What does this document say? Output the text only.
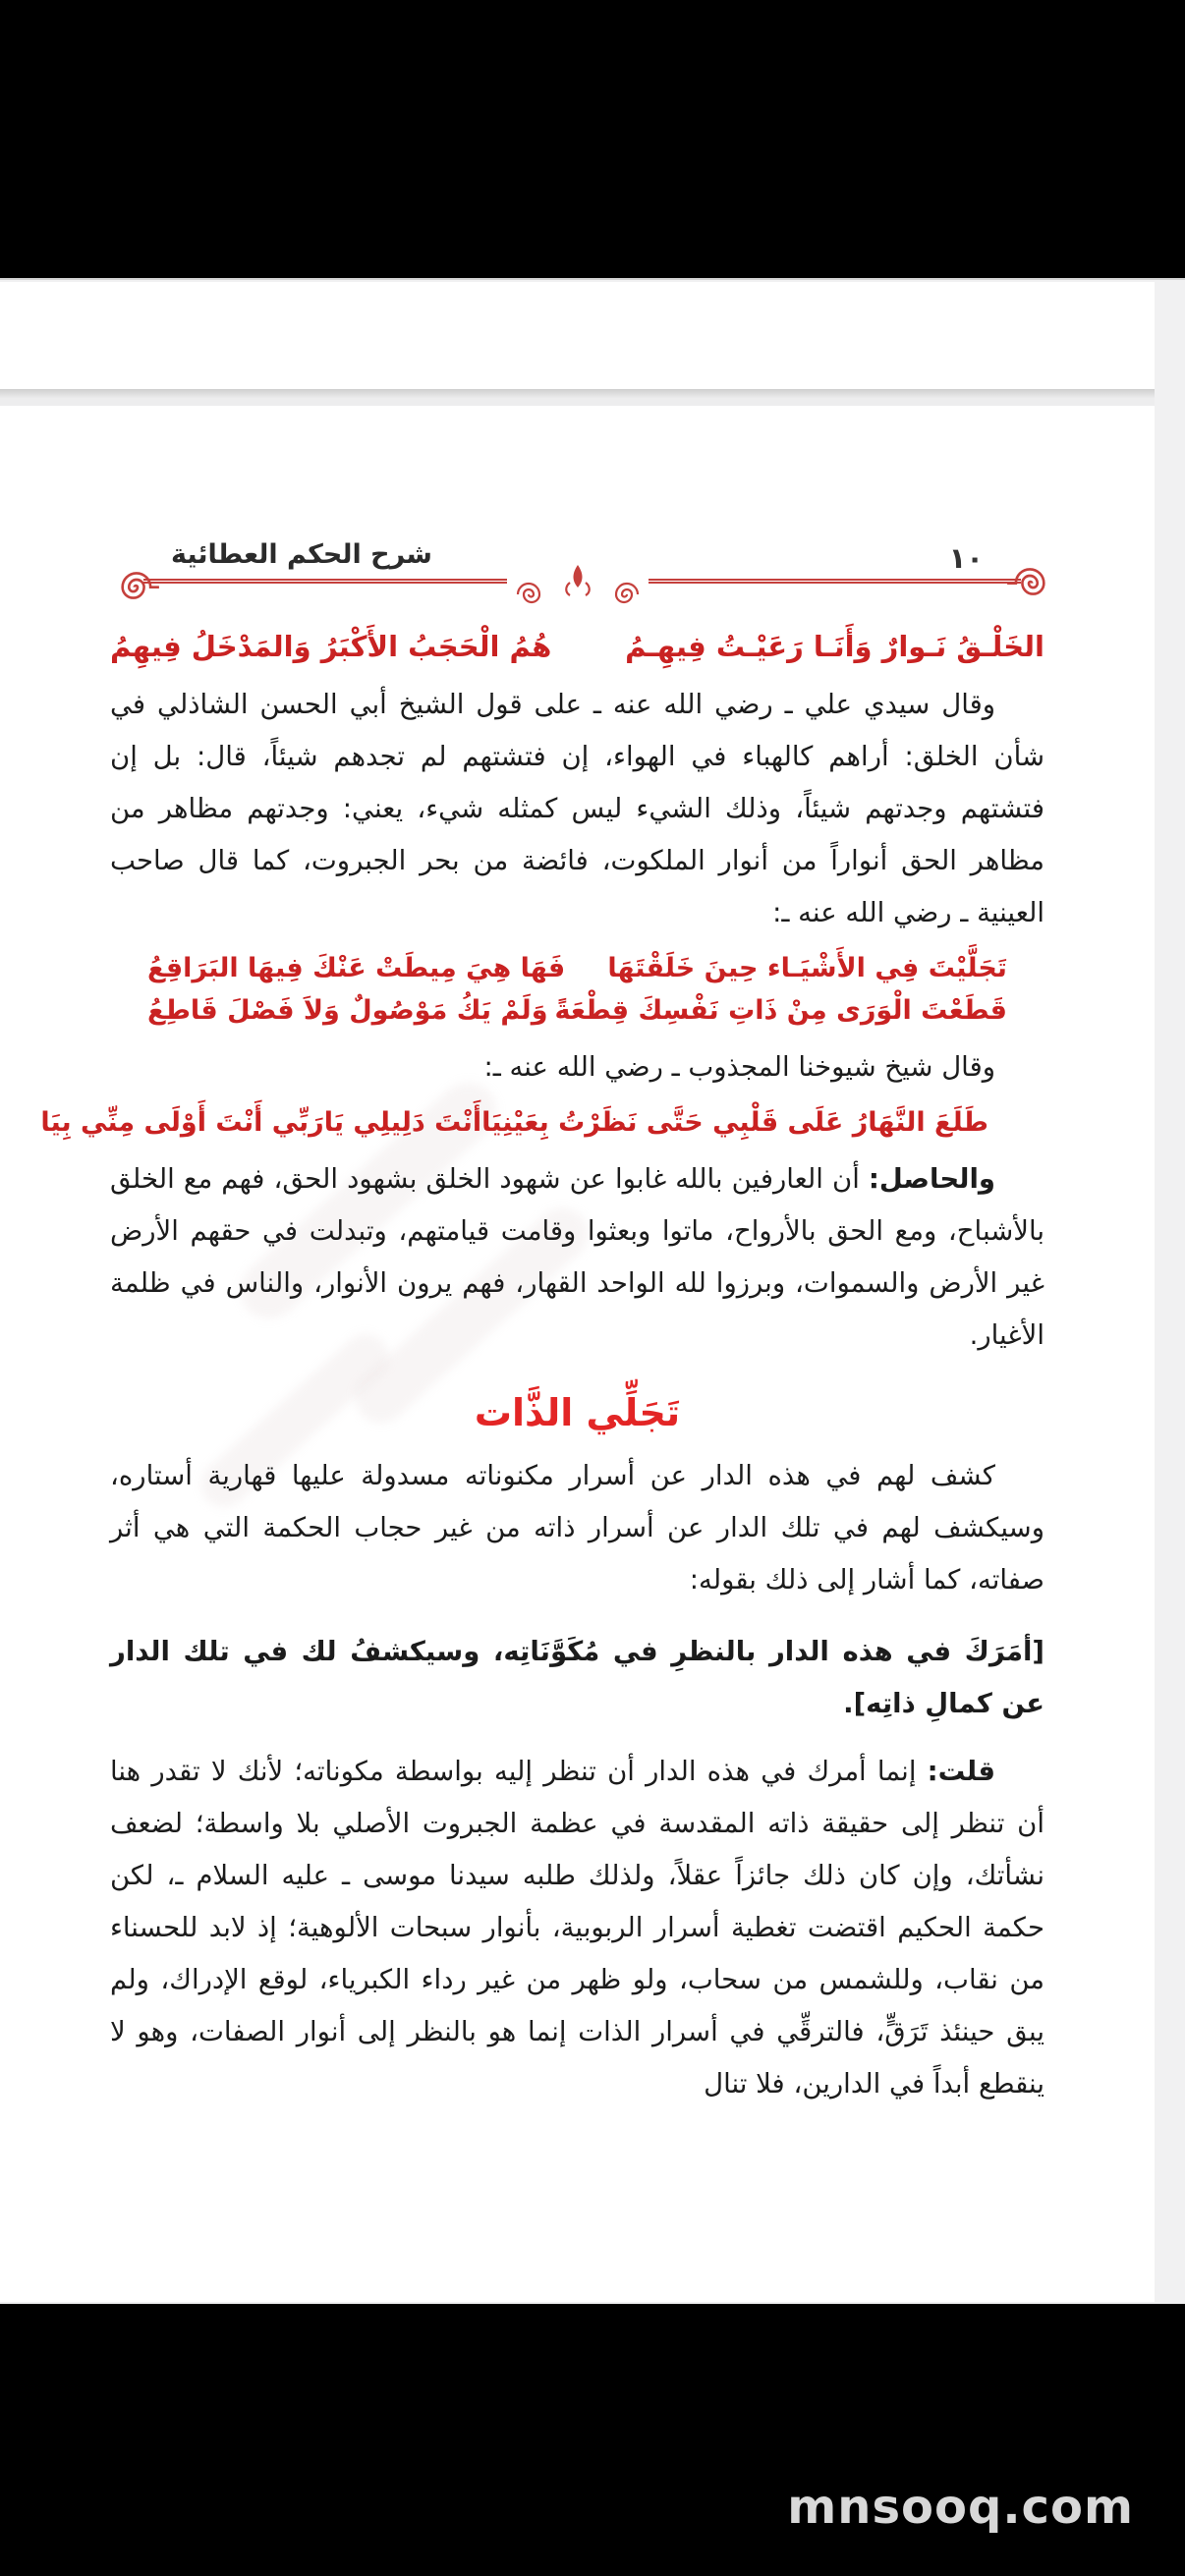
شرح الحكم العطائية	١٠
الخَلْـقُ نَـوارٌ وَأَنَـا رَعَيْـتُ فِيهِـمُ
هُمُ الْحَجَبُ الأَكْبَرُ وَالمَدْخَلُ فِيهِمُ

وقال سيدي علي ـ رضي الله عنه ـ على قول الشيخ أبي الحسن الشاذلي في شأن الخلق: أراهم كالهباء في الهواء، إن فتشتهم لم تجدهم شيئاً، قال: بل إن فتشتهم وجدتهم شيئاً، وذلك الشيء ليس كمثله شيء، يعني: وجدتهم مظاهر من مظاهر الحق أنواراً من أنوار الملكوت، فائضة من بحر الجبروت، كما قال صاحب العينية ـ رضي الله عنه ـ:

تَجَلَّيْتَ فِي الأَشْيَـاء حِينَ خَلَقْتَهَا
فَهَا هِيَ مِيطَتْ عَنْكَ فِيهَا البَرَاقِعُ
قَطَعْتَ الْوَرَى مِنْ ذَاتِ نَفْسِكَ قِطْعَةً
وَلَمْ يَكُ مَوْصُولٌ وَلاَ فَصْلَ قَاطِعُ

وقال شيخ شيوخنا المجذوب ـ رضي الله عنه ـ:

طَلَعَ النَّهَارُ عَلَى قَلْبِي حَتَّى نَظَرْتُ بِعَيْنِيَا
أَنْتَ دَلِيلِي يَارَبِّي أَنْتَ أَوْلَى مِنِّي بِيَا

والحاصل: أن العارفين بالله غابوا عن شهود الخلق بشهود الحق، فهم مع الخلق بالأشباح، ومع الحق بالأرواح، ماتوا وبعثوا وقامت قيامتهم، وتبدلت في حقهم الأرض غير الأرض والسموات، وبرزوا لله الواحد القهار، فهم يرون الأنوار، والناس في ظلمة الأغيار.

تَجَلِّي الذَّات

كشف لهم في هذه الدار عن أسرار مكنوناته مسدولة عليها قهارية أستاره، وسيكشف لهم في تلك الدار عن أسرار ذاته من غير حجاب الحكمة التي هي أثر صفاته، كما أشار إلى ذلك بقوله:

[أمَرَكَ في هذه الدار بالنظرِ في مُكَوَّنَاتِه، وسيكشفُ لك في تلك الدار عن كمالِ ذاتِه].

قلت: إنما أمرك في هذه الدار أن تنظر إليه بواسطة مكوناته؛ لأنك لا تقدر هنا أن تنظر إلى حقيقة ذاته المقدسة في عظمة الجبروت الأصلي بلا واسطة؛ لضعف نشأتك، وإن كان ذلك جائزاً عقلاً، ولذلك طلبه سيدنا موسى ـ عليه السلام ـ، لكن حكمة الحكيم اقتضت تغطية أسرار الربوبية، بأنوار سبحات الألوهية؛ إذ لابد للحسناء من نقاب، وللشمس من سحاب، ولو ظهر من غير رداء الكبرياء، لوقع الإدراك، ولم يبق حينئذ تَرَقٍّ، فالترقِّي في أسرار الذات إنما هو بالنظر إلى أنوار الصفات، وهو لا ينقطع أبداً في الدارين، فلا تنال

mnsooq.com
